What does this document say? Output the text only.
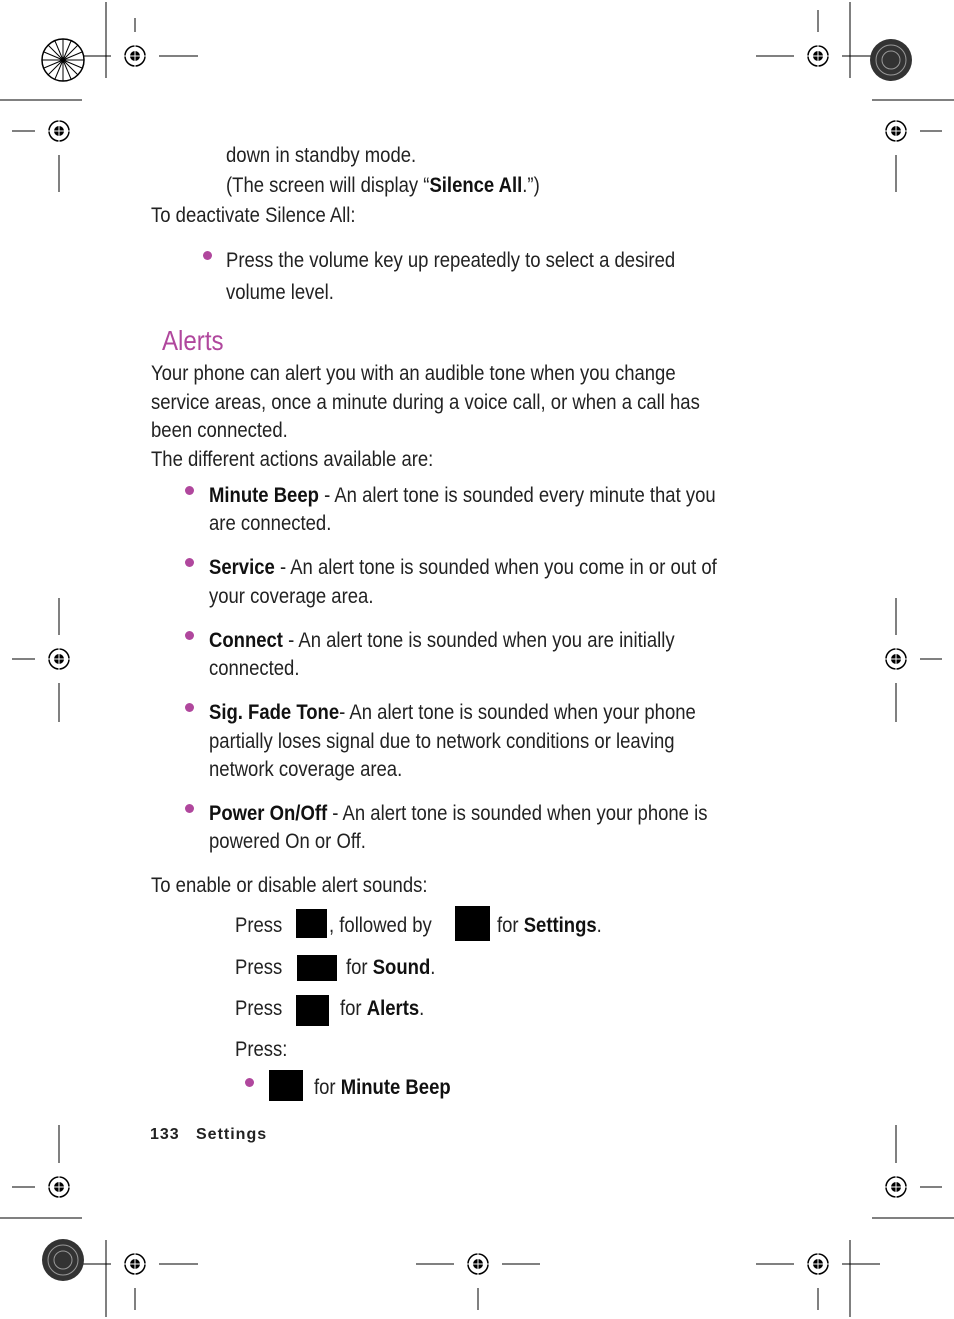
down in standby mode.
(The screen will display “Silence All.”)
To deactivate Silence All:
Press the volume key up repeatedly to select a desired
volume level.
Alerts
Your phone can alert you with an audible tone when you change
service areas, once a minute during a voice call, or when a call has
been connected.
The different actions available are:
Minute Beep - An alert tone is sounded every minute that you
are connected.
Service - An alert tone is sounded when you come in or out of
your coverage area.
Connect - An alert tone is sounded when you are initially
connected.
Sig. Fade Tone- An alert tone is sounded when your phone
partially loses signal due to network conditions or leaving
network coverage area.
Power On/Off - An alert tone is sounded when your phone is
powered On or Off.
To enable or disable alert sounds:
Press , followed by	for Settings.
Press	for Sound.
Press	for Alerts.
Press:
for Minute Beep
133 Settings
